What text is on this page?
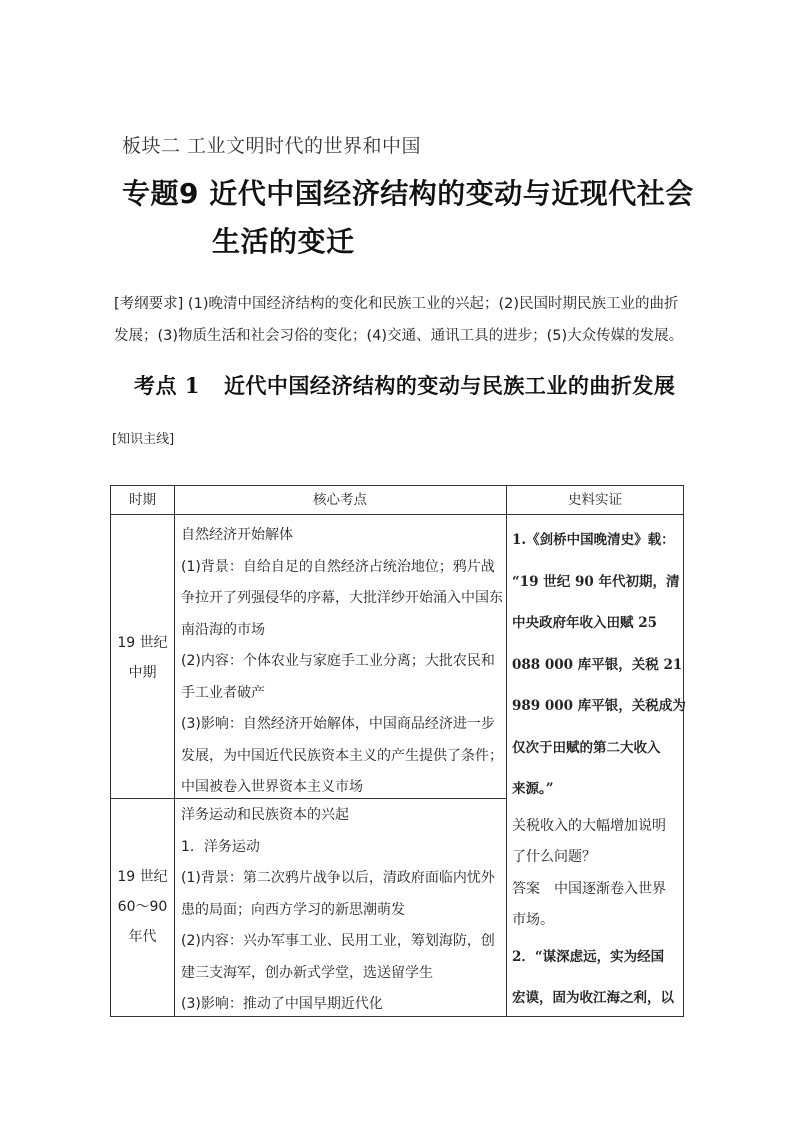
板块二 工业文明时代的世界和中国
专题9 近代中国经济结构的变动与近现代社会
生活的变迁
[考纲要求] (1)晚清中国经济结构的变化和民族工业的兴起；(2)民国时期民族工业的曲折发展；(3)物质生活和社会习俗的变化；(4)交通、通讯工具的进步；(5)大众传媒的发展。
考点 1 近代中国经济结构的变动与民族工业的曲折发展
[知识主线]
时期	核心考点	史料实证
19 世纪
中期

自然经济开始解体

(1)背景：自给自足的自然经济占统治地位；鸦片战

争拉开了列强侵华的序幕，大批洋纱开始涌入中国东

南沿海的市场

(2)内容：个体农业与家庭手工业分离；大批农民和

手工业者破产

(3)影响：自然经济开始解体，中国商品经济进一步

发展，为中国近代民族资本主义的产生提供了条件；

中国被卷入世界资本主义市场

19 世纪
60～90
年代

洋务运动和民族资本的兴起

1．洋务运动

(1)背景：第二次鸦片战争以后，清政府面临内忧外

患的局面；向西方学习的新思潮萌发

(2)内容：兴办军事工业、民用工业，筹划海防，创

建三支海军，创办新式学堂，选送留学生

(3)影响：推动了中国早期近代化

1.《剑桥中国晚清史》载：

“19 世纪 90 年代初期，清

中央政府年收入田赋 25

088 000 库平银，关税 21

989 000 库平银，关税成为

仅次于田赋的第二大收入

来源。”

关税收入的大幅增加说明

了什么问题？

答案　中国逐渐卷入世界

市场。

2．“谋深虑远，实为经国

宏谟，固为收江海之利，以
